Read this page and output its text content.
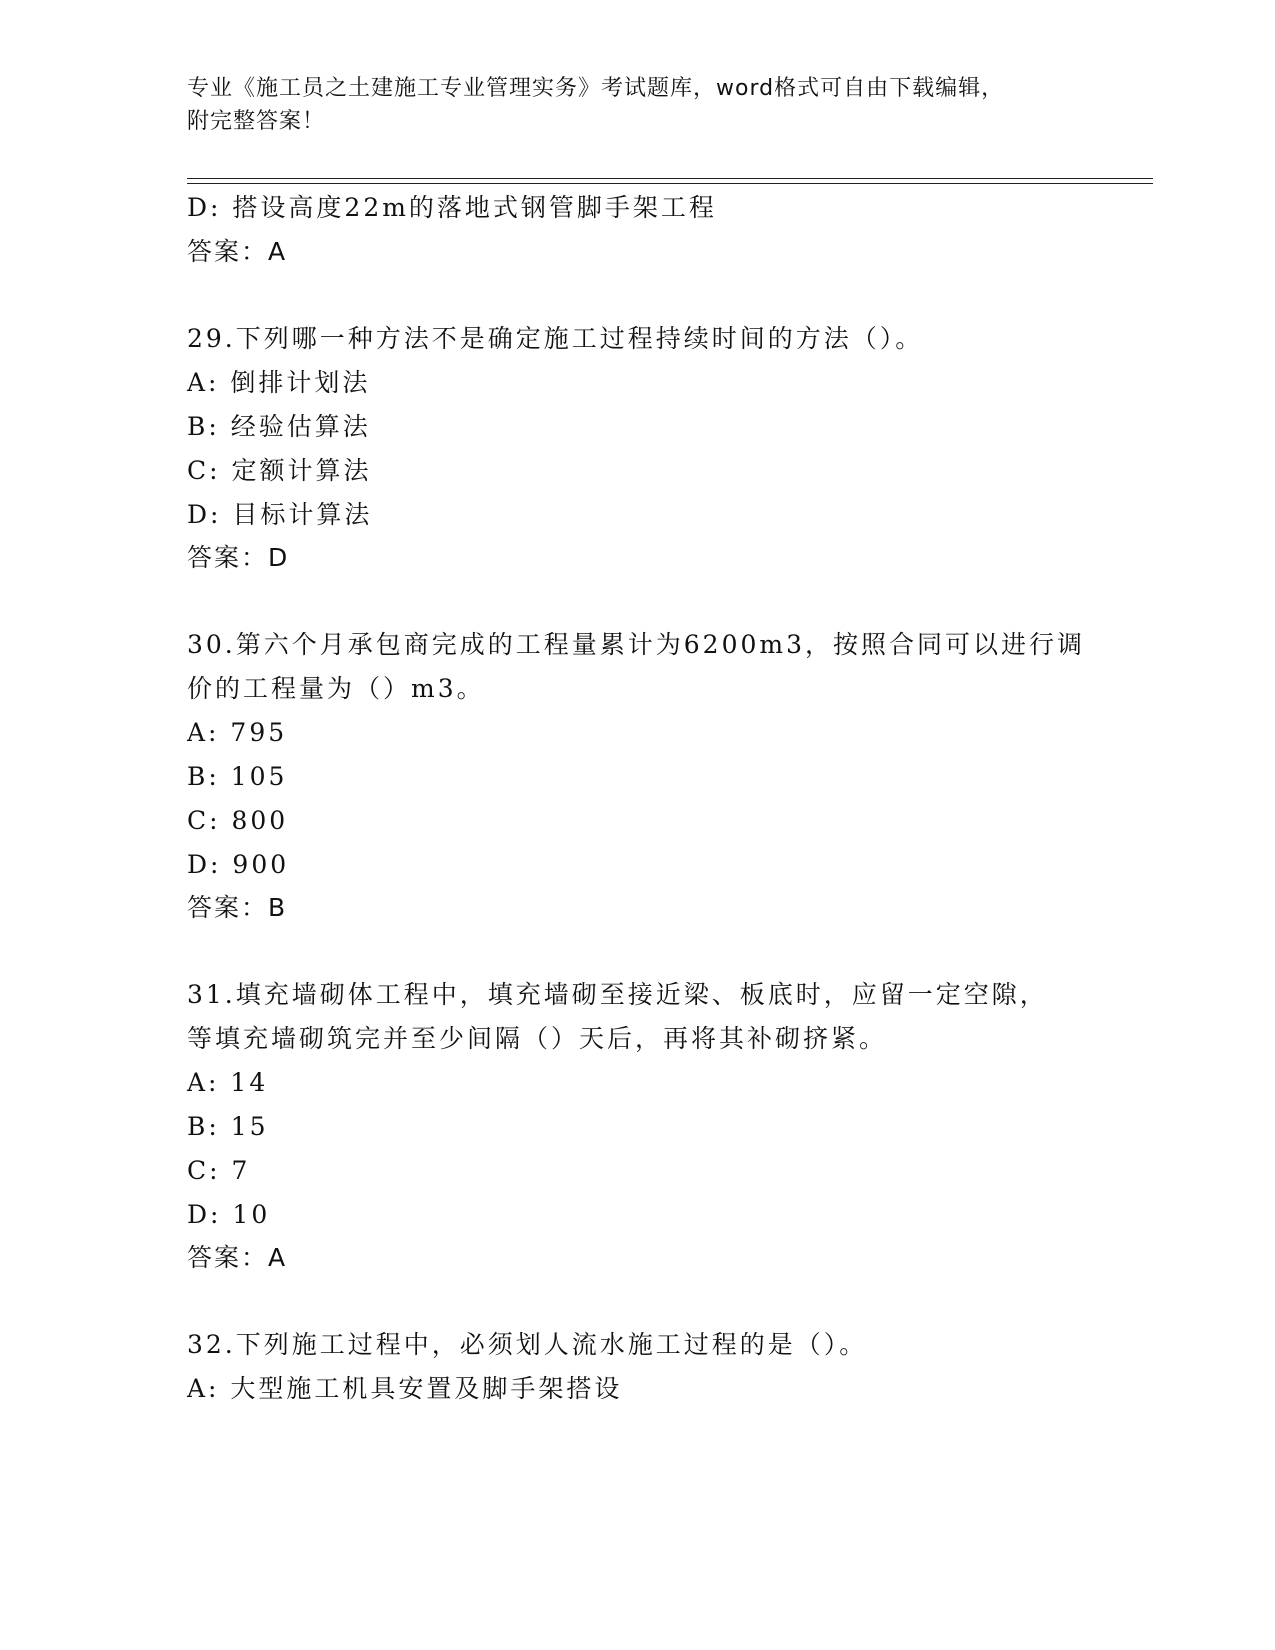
专业《施工员之土建施工专业管理实务》考试题库，word格式可自由下载编辑，
附完整答案！
D: 搭设高度22m的落地式钢管脚手架工程
答案：A
29.下列哪一种方法不是确定施工过程持续时间的方法（）。
A: 倒排计划法
B: 经验估算法
C: 定额计算法
D: 目标计算法
答案：D
30.第六个月承包商完成的工程量累计为6200m3，按照合同可以进行调
价的工程量为（）m3。
A: 795
B: 105
C: 800
D: 900
答案：B
31.填充墙砌体工程中，填充墙砌至接近梁、板底时，应留一定空隙，
等填充墙砌筑完并至少间隔（）天后，再将其补砌挤紧。
A: 14
B: 15
C: 7
D: 10
答案：A
32.下列施工过程中，必须划人流水施工过程的是（）。
A: 大型施工机具安置及脚手架搭设
